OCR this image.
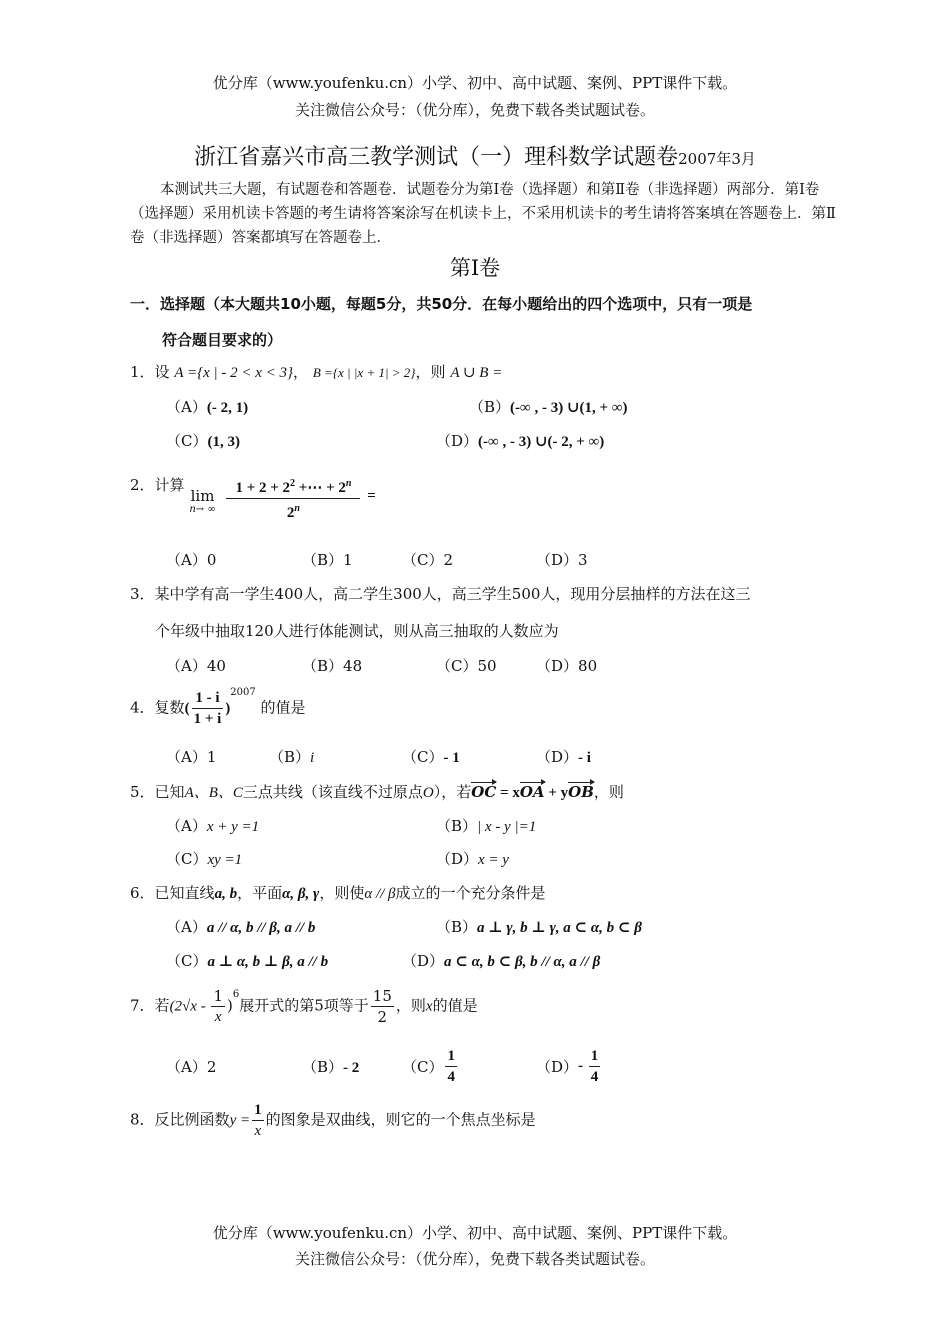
优分库（www.youfenku.cn）小学、初中、高中试题、案例、PPT课件下载。
关注微信公众号：（优分库），免费下载各类试题试卷。
浙江省嘉兴市高三教学测试（一）理科数学试题卷2007年3月
本测试共三大题，有试题卷和答题卷．试题卷分为第Ⅰ卷（选择题）和第Ⅱ卷（非选择题）两部分．第Ⅰ卷（选择题）采用机读卡答题的考生请将答案涂写在机读卡上，不采用机读卡的考生请将答案填在答题卷上．第Ⅱ卷（非选择题）答案都填写在答题卷上．
第Ⅰ卷
一．选择题（本大题共10小题，每题5分，共50分．在每小题给出的四个选项中，只有一项是
符合题目要求的）
1．设 A ={x | - 2 < x < 3}， B ={x | |x + 1| > 2}，则 A ∪ B =
（A）(- 2, 1)	（B）(-∞ , - 3) ∪(1, + ∞)
（C）(1, 3)	（D）(-∞ , - 3) ∪(- 2, + ∞)
2．计算
lim
n→ ∞
$\frac{1 + 2 + 2^2 +\cdots + 2^n}{2^n}$ =
（A）0	（B）1	（C）2	（D）3
3．某中学有高一学生400人，高二学生300人，高三学生500人，现用分层抽样的方法在这三
个年级中抽取120人进行体能测试，则从高三抽取的人数应为
（A）40	（B）48	（C）50	（D）80
4．复数( $\frac{1 - i}{1 + i} )^{2007}$ 的值是
（A）1	（B）i	（C）- 1	（D）- i
5．已知A、B、C三点共线（该直线不过原点O），若OC = xOA + yOB，则
（A）x + y =1	（B）| x - y |=1
（C）xy =1	（D）x = y
6．已知直线a, b，平面α, β, γ，则使α // β成立的一个充分条件是
（A）a // α, b // β, a // b	（B）a ⊥ γ, b ⊥ γ, a ⊂ α, b ⊂ β
（C）a ⊥ α, b ⊥ β, a // b	（D）a ⊂ α, b ⊂ β, b // α, a // β
7．若$(2√x - \frac{1}{x} )^6$展开式的第5项等于 $\frac{15}{2}$ ，则x的值是
（A）2	（B）- 2	$(C) \frac{1}{4}$	$(D)- \frac{1}{4}$
8．反比例函数$y = \frac{1}{x}$ 的图象是双曲线，则它的一个焦点坐标是
优分库（www.youfenku.cn）小学、初中、高中试题、案例、PPT课件下载。
关注微信公众号：（优分库），免费下载各类试题试卷。
